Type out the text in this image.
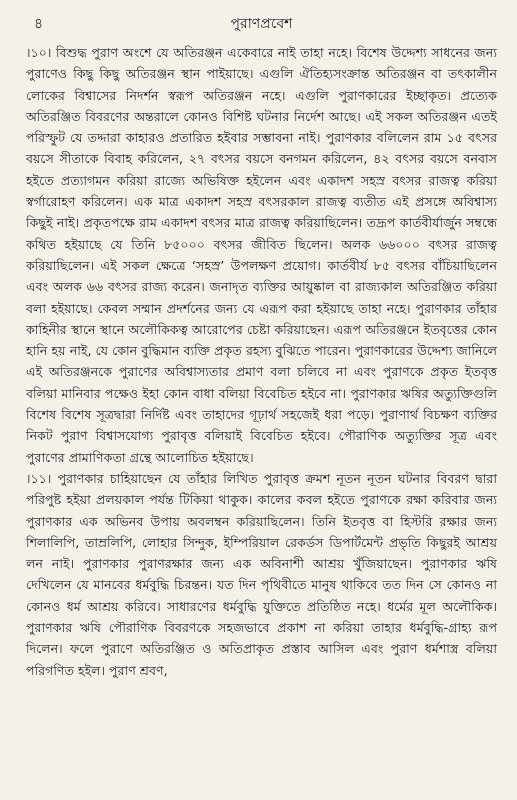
৪	পুরাণপ্রবেশ

।১০। বিশুদ্ধ পুরাণ অংশে যে অতিরঞ্জন একেবারে নাই তাহা নহে। বিশেষ উদ্দেশ্য সাধনের জন্য পুরাণেও কিছু কিছু অতিরঞ্জন স্থান পাইয়াছে। এগুলি ঐতিহ্যসংক্রান্ত অতিরঞ্জন বা তৎকালীন লোকের বিশ্বাসের নিদর্শন স্বরূপ অতিরঞ্জন নহে। এগুলি পুরাণকারের ইচ্ছাকৃত। প্রত্যেক অতিরঞ্জিত বিবরণের অন্তরালে কোনও বিশিষ্ট ঘটনার নির্দেশ আছে। এই সকল অতিরঞ্জন এতই পরিস্ফুট যে তদ্দারা কাহারও প্রতারিত হইবার সম্ভাবনা নাই। পুরাণকার বলিলেন রাম ১৫ বৎসর বয়সে সীতাকে বিবাহ করিলেন, ২৭ বৎসর বয়সে বনগমন করিলেন, ৪২ বৎসর বয়সে বনবাস হইতে প্রত্যাগমন করিয়া রাজ্যে অভিষিক্ত হইলেন এবং একাদশ সহস্র বৎসর রাজত্ব করিয়া স্বর্গারোহণ করিলেন। এক মাত্র একাদশ সহস্র বৎসরকাল রাজত্ব ব্যতীত এই প্রসঙ্গে অবিশ্বাস্য কিছুই নাই। প্রকৃতপক্ষে রাম একাদশ বৎসর মাত্র রাজত্ব করিয়াছিলেন। তদ্রূপ কার্তবীর্যার্জুন সম্বন্ধে কথিত হইয়াছে যে তিনি ৮৫০০০ বৎসর জীবিত ছিলেন। অলক ৬৬০০০ বৎসর রাজত্ব করিয়াছিলেন। এই সকল ক্ষেত্রে ‘সহস্র’ উপলক্ষণ প্রয়োগ। কার্তবীর্য ৮৫ বৎসর বাঁচিয়াছিলেন এবং অলক ৬৬ বৎসর রাজ্য করেন। জনাদৃত ব্যক্তির আয়ুষ্কাল বা রাজ্যকাল অতিরঞ্জিত করিয়া বলা হইয়াছে। কেবল সম্মান প্রদর্শনের জন্য যে এরূপ করা হইয়াছে তাহা নহে। পুরাণকার তাঁহার কাহিনীর স্থানে স্থানে অলৌকিকত্ব আরোপের চেষ্টা করিয়াছেন। এরূপ অতিরঞ্জনে ইতবৃত্তের কোন হানি হয় নাই, যে কোন বুদ্ধিমান ব্যক্তি প্রকৃত রহস্য বুঝিতে পারেন। পুরাণকারের উদ্দেশ্য জানিলে এই অতিরঞ্জনকে পুরাণের অবিশ্বাস্যতার প্রমাণ বলা চলিবে না এবং পুরাণকে প্রকৃত ইতবৃত্ত বলিয়া মানিবার পক্ষেও ইহা কোন বাধা বলিয়া বিবেচিত হইবে না। পুরাণকার ঋষির অত্যুক্তিগুলি বিশেষ বিশেষ সূত্রদ্বারা নির্দিষ্ট এবং তাহাদের গূঢ়ার্থ সহজেই ধরা পড়ে। পুরাণার্থ বিচক্ষণ ব্যক্তির নিকট পুরাণ বিশ্বাসযোগ্য পুরাবৃত্ত বলিয়াই বিবেচিত হইবে। পৌরাণিক অত্যুক্তির সূত্র এবং পুরাণের প্রামাণিকতা গ্রন্থে আলোচিত হইয়াছে।

।১১। পুরাণকার চাহিয়াছেন যে তাঁহার লিখিত পুরাবৃত্ত ক্রমশ নূতন নূতন ঘটনার বিবরণ দ্বারা পরিপুষ্ট হইয়া প্রলয়কাল পর্যন্ত টিকিয়া থাকুক। কালের কবল হইতে পুরাণকে রক্ষা করিবার জন্য পুরাণকার এক অভিনব উপায় অবলম্বন করিয়াছিলেন। তিনি ইতবৃত্ত বা হিস্টরি রক্ষার জন্য শিলালিপি, তাম্রলিপি, লোহার সিন্দুক, ইম্পিরিয়াল রেকর্ডস ডিপার্টমেন্ট প্রভৃতি কিছুরই আশ্রয় লন নাই। পুরাণকার পুরাণরক্ষার জন্য এক অবিনাশী আশ্রয় খুঁজিয়াছেন। পুরাণকার ঋষি দেখিলেন যে মানবের ধর্মবুদ্ধি চিরন্তন। যত দিন পৃথিবীতে মানুষ থাকিবে তত দিন সে কোনও না কোনও ধর্ম আশ্রয় করিবে। সাধারণের ধর্মবুদ্ধি যুক্তিতে প্রতিষ্ঠিত নহে। ধর্মের মূল অলৌকিক। পুরাণকার ঋষি পৌরাণিক বিবরণকে সহজভাবে প্রকাশ না করিয়া তাহার ধর্মবুদ্ধি-গ্রাহ্য রূপ দিলেন। ফলে পুরাণে অতিরঞ্জিত ও অতিপ্রাকৃত প্রস্তাব আসিল এবং পুরাণ ধর্মশাস্ত্র বলিয়া পরিগণিত হইল। পুরাণ শ্রবণ,
